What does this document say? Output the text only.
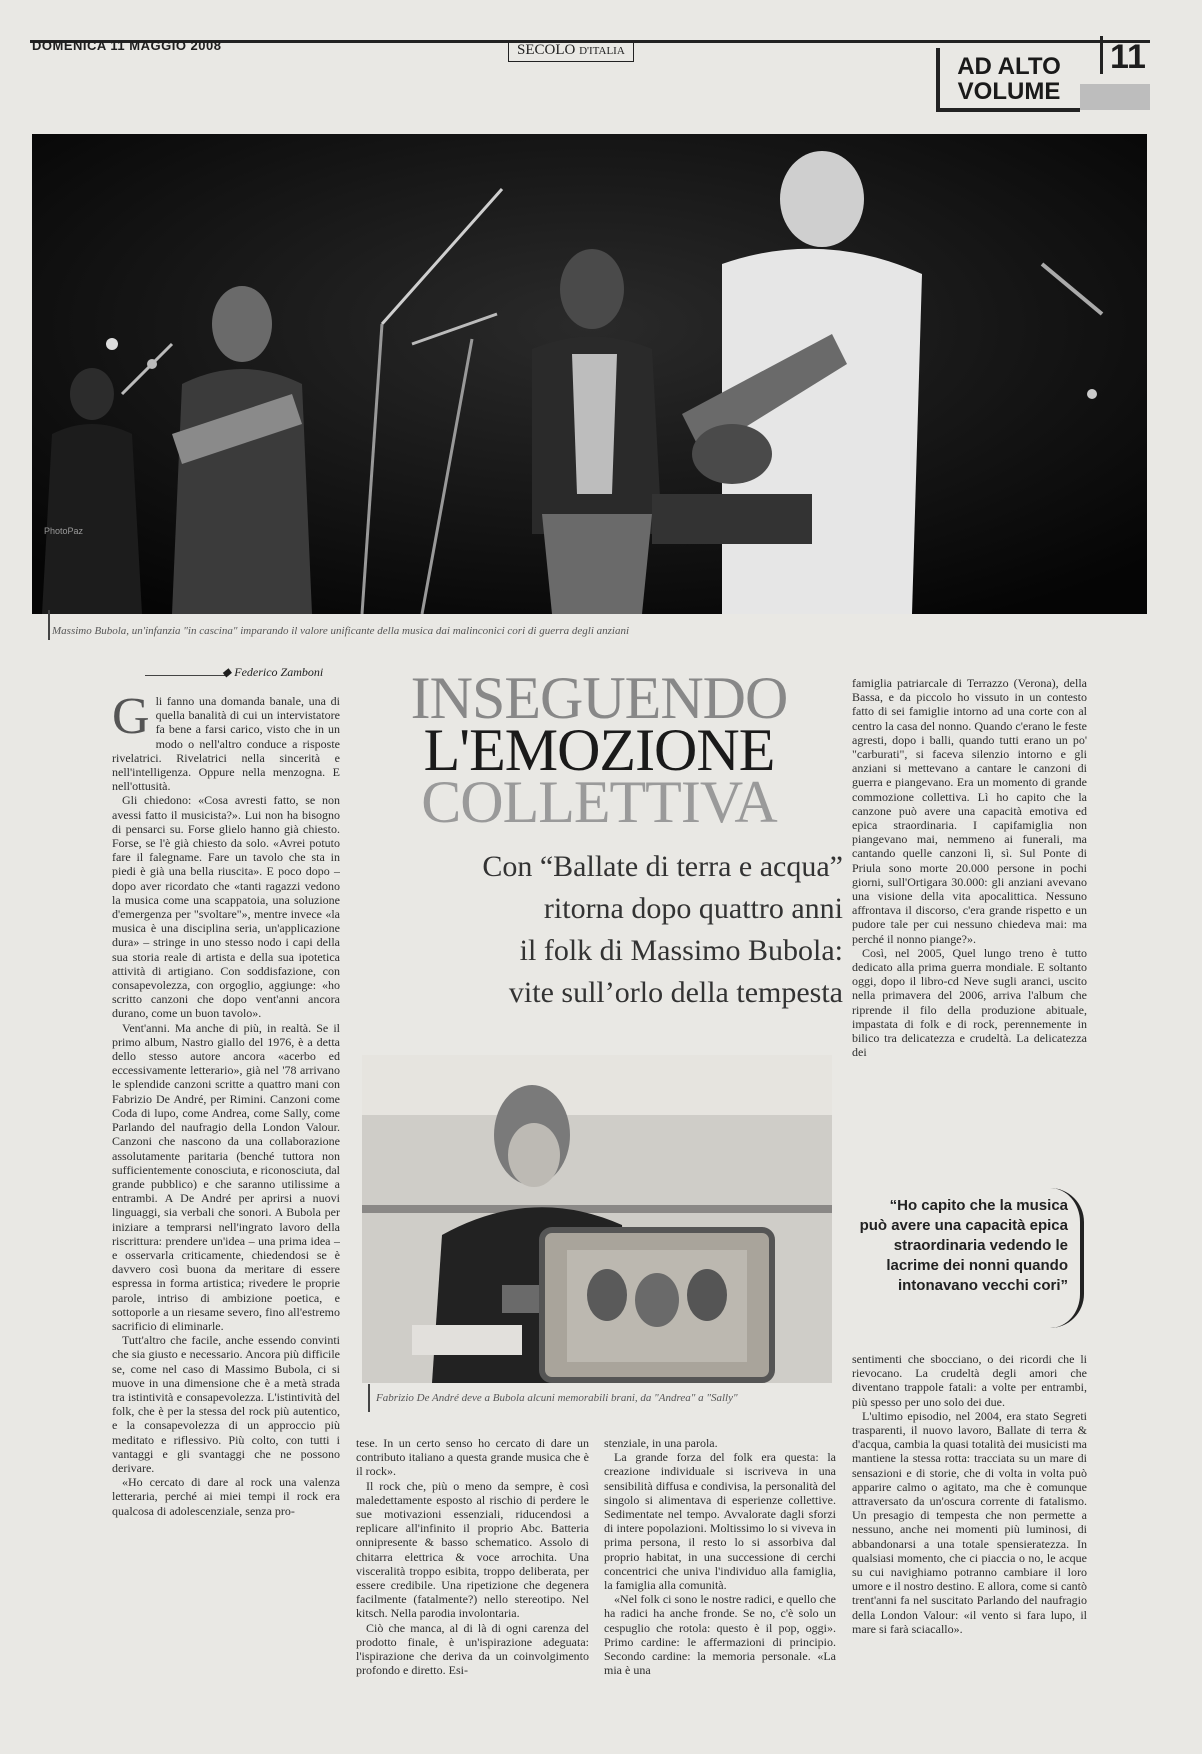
DOMENICA 11 MAGGIO 2008	SECOLO D'ITALIA
AD ALTO
VOLUME
11
PhotoPaz
Massimo Bubola, un'infanzia "in cascina" imparando il valore unificante della musica dai malinconici cori di guerra degli anziani
◆ Federico Zamboni	INSEGUENDO
L'EMOZIONE
COLLETTIVA
Con “Ballate di terra e acqua”
ritorna dopo quattro anni
il folk di Massimo Bubola:
vite sull’orlo della tempesta

Gli fanno una domanda banale, una di quella banalità di cui un intervistatore fa bene a farsi carico, visto che in un modo o nell'altro conduce a risposte rivelatrici. Rivelatrici nella sincerità e nell'intelligenza. Oppure nella menzogna. E nell'ottusità.

Gli chiedono: «Cosa avresti fatto, se non avessi fatto il musicista?». Lui non ha bisogno di pensarci su. Forse glielo hanno già chiesto. Forse, se l'è già chiesto da solo. «Avrei potuto fare il falegname. Fare un tavolo che sta in piedi è già una bella riuscita». E poco dopo – dopo aver ricordato che «tanti ragazzi vedono la musica come una scappatoia, una soluzione d'emergenza per "svoltare"», mentre invece «la musica è una disciplina seria, un'applicazione dura» – stringe in uno stesso nodo i capi della sua storia reale di artista e della sua ipotetica attività di artigiano. Con soddisfazione, con consapevolezza, con orgoglio, aggiunge: «ho scritto canzoni che dopo vent'anni ancora durano, come un buon tavolo».

Vent'anni. Ma anche di più, in realtà. Se il primo album, Nastro giallo del 1976, è a detta dello stesso autore ancora «acerbo ed eccessivamente letterario», già nel '78 arrivano le splendide canzoni scritte a quattro mani con Fabrizio De André, per Rimini. Canzoni come Coda di lupo, come Andrea, come Sally, come Parlando del naufragio della London Valour. Canzoni che nascono da una collaborazione assolutamente paritaria (benché tuttora non sufficientemente conosciuta, e riconosciuta, dal grande pubblico) e che saranno utilissime a entrambi. A De André per aprirsi a nuovi linguaggi, sia verbali che sonori. A Bubola per iniziare a temprarsi nell'ingrato lavoro della riscrittura: prendere un'idea – una prima idea – e osservarla criticamente, chiedendosi se è davvero così buona da meritare di essere espressa in forma artistica; rivedere le proprie parole, intriso di ambizione poetica, e sottoporle a un riesame severo, fino all'estremo sacrificio di eliminarle.

Tutt'altro che facile, anche essendo convinti che sia giusto e necessario. Ancora più difficile se, come nel caso di Massimo Bubola, ci si muove in una dimensione che è a metà strada tra istintività e consapevolezza. L'istintività del folk, che è per la stessa del rock più autentico, e la consapevolezza di un approccio più meditato e riflessivo. Più colto, con tutti i vantaggi e gli svantaggi che ne possono derivare.

«Ho cercato di dare al rock una valenza letteraria, perché ai miei tempi il rock era qualcosa di adolescenziale, senza pro-

Fabrizio De André deve a Bubola alcuni memorabili brani, da "Andrea" a "Sally"

tese. In un certo senso ho cercato di dare un contributo italiano a questa grande musica che è il rock».

Il rock che, più o meno da sempre, è così maledettamente esposto al rischio di perdere le sue motivazioni essenziali, riducendosi a replicare all'infinito il proprio Abc. Batteria onnipresente & basso schematico. Assolo di chitarra elettrica & voce arrochita. Una visceralità troppo esibita, troppo deliberata, per essere credibile. Una ripetizione che degenera facilmente (fatalmente?) nello stereotipo. Nel kitsch. Nella parodia involontaria.

Ciò che manca, al di là di ogni carenza del prodotto finale, è un'ispirazione adeguata: l'ispirazione che deriva da un coinvolgimento profondo e diretto. Esi-

stenziale, in una parola.

La grande forza del folk era questa: la creazione individuale si iscriveva in una sensibilità diffusa e condivisa, la personalità del singolo si alimentava di esperienze collettive. Sedimentate nel tempo. Avvalorate dagli sforzi di intere popolazioni. Moltissimo lo si viveva in prima persona, il resto lo si assorbiva dal proprio habitat, in una successione di cerchi concentrici che univa l'individuo alla famiglia, la famiglia alla comunità.

«Nel folk ci sono le nostre radici, e quello che ha radici ha anche fronde. Se no, c'è solo un cespuglio che rotola: questo è il pop, oggi». Primo cardine: le affermazioni di principio. Secondo cardine: la memoria personale. «La mia è una

famiglia patriarcale di Terrazzo (Verona), della Bassa, e da piccolo ho vissuto in un contesto fatto di sei famiglie intorno ad una corte con al centro la casa del nonno. Quando c'erano le feste agresti, dopo i balli, quando tutti erano un po' "carburati", si faceva silenzio intorno e gli anziani si mettevano a cantare le canzoni di guerra e piangevano. Era un momento di grande commozione collettiva. Lì ho capito che la canzone può avere una capacità emotiva ed epica straordinaria. I capifamiglia non piangevano mai, nemmeno ai funerali, ma cantando quelle canzoni lì, sì. Sul Ponte di Priula sono morte 20.000 persone in pochi giorni, sull'Ortigara 30.000: gli anziani avevano una visione della vita apocalittica. Nessuno affrontava il discorso, c'era grande rispetto e un pudore tale per cui nessuno chiedeva mai: ma perché il nonno piange?».

Così, nel 2005, Quel lungo treno è tutto dedicato alla prima guerra mondiale. E soltanto oggi, dopo il libro-cd Neve sugli aranci, uscito nella primavera del 2006, arriva l'album che riprende il filo della produzione abituale, impastata di folk e di rock, perennemente in bilico tra delicatezza e crudeltà. La delicatezza dei

“Ho capito che la musica può avere una capacità epica straordinaria vedendo le lacrime dei nonni quando intonavano vecchi cori”

sentimenti che sbocciano, o dei ricordi che li rievocano. La crudeltà degli amori che diventano trappole fatali: a volte per entrambi, più spesso per uno solo dei due.

L'ultimo episodio, nel 2004, era stato Segreti trasparenti, il nuovo lavoro, Ballate di terra & d'acqua, cambia la quasi totalità dei musicisti ma mantiene la stessa rotta: tracciata su un mare di sensazioni e di storie, che di volta in volta può apparire calmo o agitato, ma che è comunque attraversato da un'oscura corrente di fatalismo. Un presagio di tempesta che non permette a nessuno, anche nei momenti più luminosi, di abbandonarsi a una totale spensieratezza. In qualsiasi momento, che ci piaccia o no, le acque su cui navighiamo potranno cambiare il loro umore e il nostro destino. E allora, come si cantò trent'anni fa nel suscitato Parlando del naufragio della London Valour: «il vento si fara lupo, il mare si farà sciacallo».
